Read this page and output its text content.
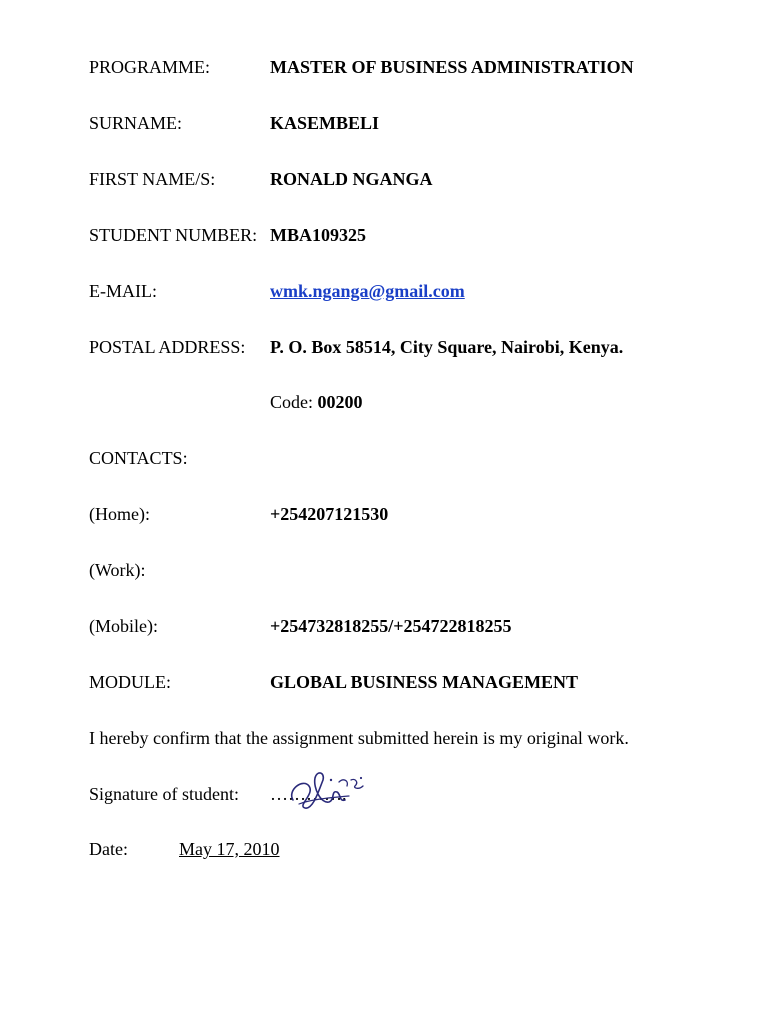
PROGRAMME:	MASTER OF BUSINESS ADMINISTRATION
SURNAME:	KASEMBELI
FIRST NAME/S:	RONALD NGANGA
STUDENT NUMBER: MBA109325
E-MAIL:	wmk.nganga@gmail.com
POSTAL ADDRESS: P. O. Box 58514, City Square, Nairobi, Kenya.
Code: 00200
CONTACTS:
(Home):	+254207121530
(Work):
(Mobile):	+254732818255/+254722818255
MODULE:	GLOBAL BUSINESS MANAGEMENT
I hereby confirm that the assignment submitted herein is my original work.
Signature of student: ………….
Date:	May 17, 2010
